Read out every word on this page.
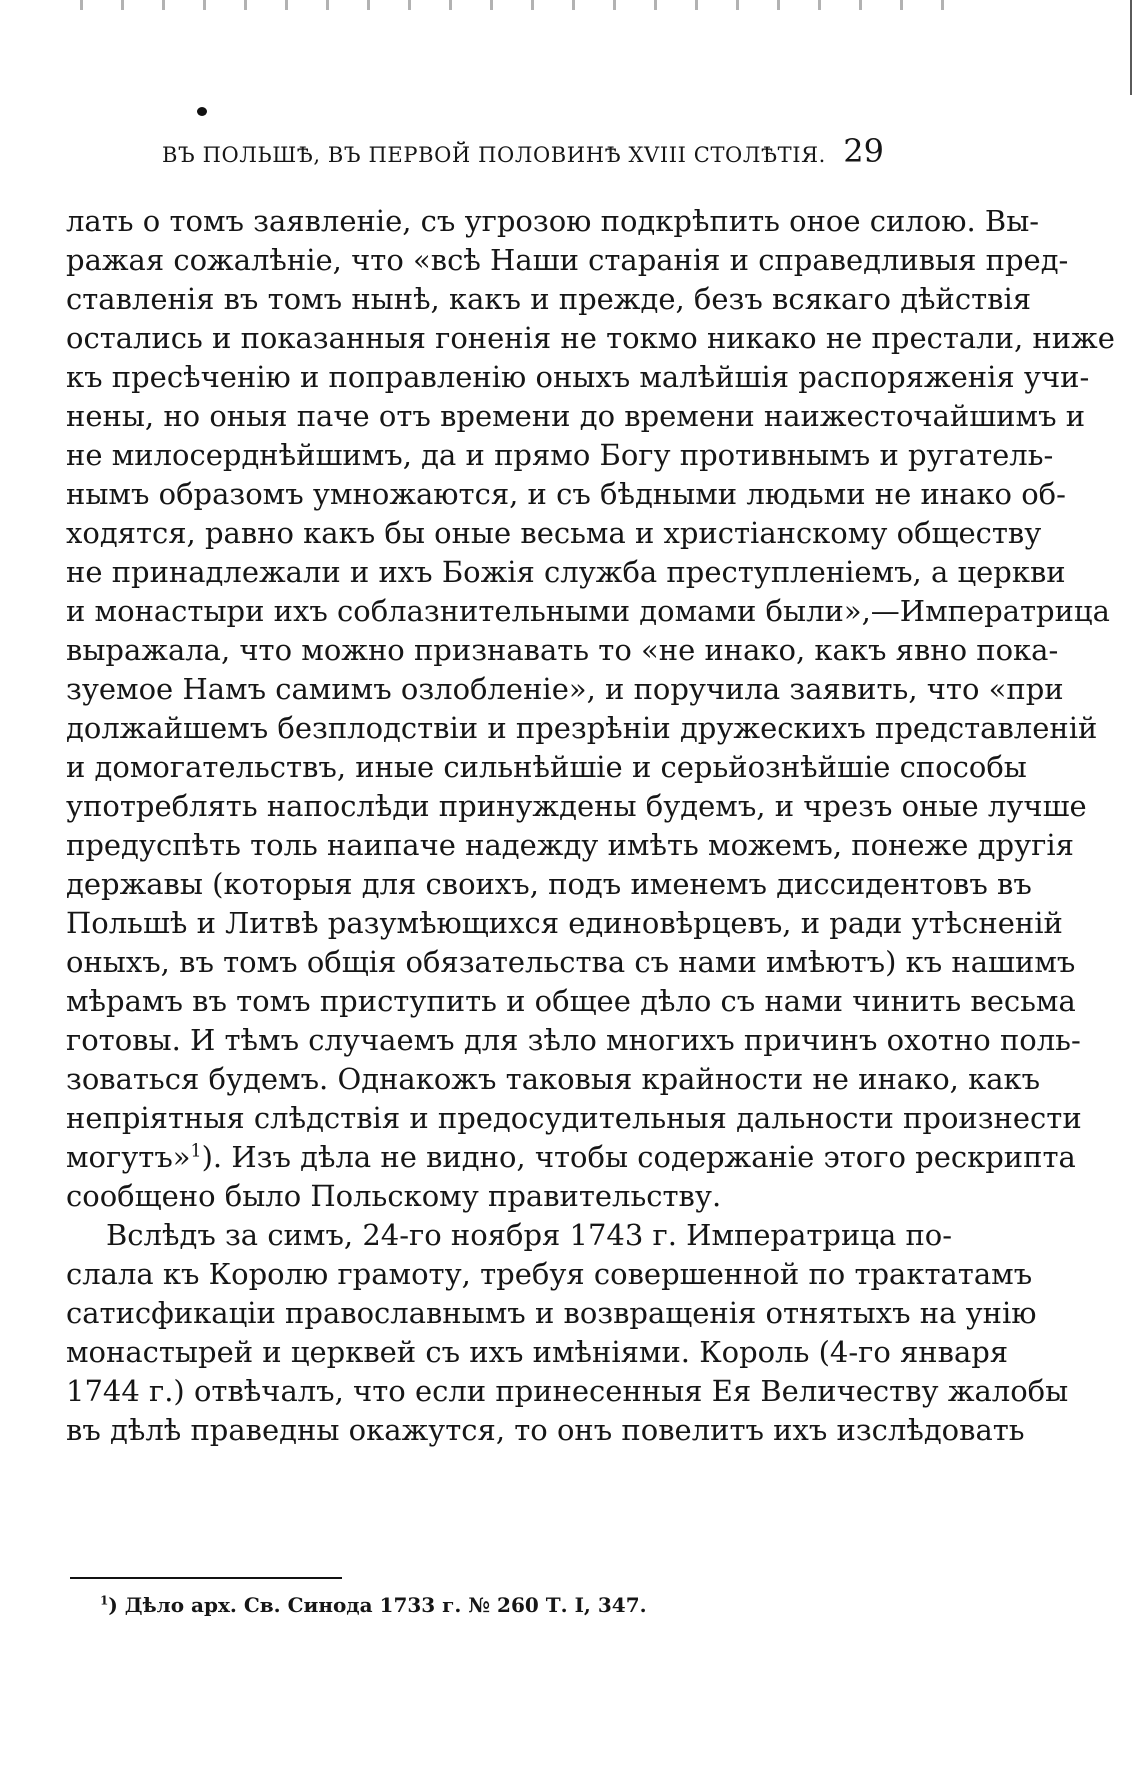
ВЪ ПОЛЬШѢ, ВЪ ПЕРВОЙ ПОЛОВИНѢ XVIII СТОЛѢТІЯ. 29
лать о томъ заявленіе, съ угрозою подкрѣпить оное силою. Вы-
ражая сожалѣніе, что «всѣ Наши старанія и справедливыя пред-
ставленія въ томъ нынѣ, какъ и прежде, безъ всякаго дѣйствія
остались и показанныя гоненія не токмо никако не престали, ниже
къ пресѣченію и поправленію оныхъ малѣйшія распоряженія учи-
нены, но оныя паче отъ времени до времени наижесточайшимъ и
не милосерднѣйшимъ, да и прямо Богу противнымъ и ругатель-
нымъ образомъ умножаются, и съ бѣдными людьми не инако об-
ходятся, равно какъ бы оные весьма и христіанскому обществу
не принадлежали и ихъ Божія служба преступленіемъ, а церкви
и монастыри ихъ соблазнительными домами были»,—Императрица
выражала, что можно признавать то «не инако, какъ явно пока-
зуемое Намъ самимъ озлобленіе», и поручила заявить, что «при
должайшемъ безплодствіи и презрѣніи дружескихъ представленій
и домогательствъ, иные сильнѣйшіе и серьйознѣйшіе способы
употреблять напослѣди принуждены будемъ, и чрезъ оные лучше
предуспѣть толь наипаче надежду имѣть можемъ, понеже другія
державы (которыя для своихъ, подъ именемъ диссидентовъ въ
Польшѣ и Литвѣ разумѣющихся единовѣрцевъ, и ради утѣсненій
оныхъ, въ томъ общія обязательства съ нами имѣютъ) къ нашимъ
мѣрамъ въ томъ приступить и общее дѣло съ нами чинить весьма
готовы. И тѣмъ случаемъ для зѣло многихъ причинъ охотно поль-
зоваться будемъ. Однакожъ таковыя крайности не инако, какъ
непріятныя слѣдствія и предосудительныя дальности произнести
могутъ»$^1$). Изъ дѣла не видно, чтобы содержаніе этого рескрипта
сообщено было Польскому правительству.
Вслѣдъ за симъ, 24-го ноября 1743 г. Императрица по-
слала къ Королю грамоту, требуя совершенной по трактатамъ
сатисфикаціи православнымъ и возвращенія отнятыхъ на унію
монастырей и церквей съ ихъ имѣніями. Король (4-го января
1744 г.) отвѣчалъ, что если принесенныя Ея Величеству жалобы
въ дѣлѣ праведны окажутся, то онъ повелитъ ихъ изслѣдовать
$^1$) Дѣло арх. Св. Синода 1733 г. № 260 Т. I, 347.
